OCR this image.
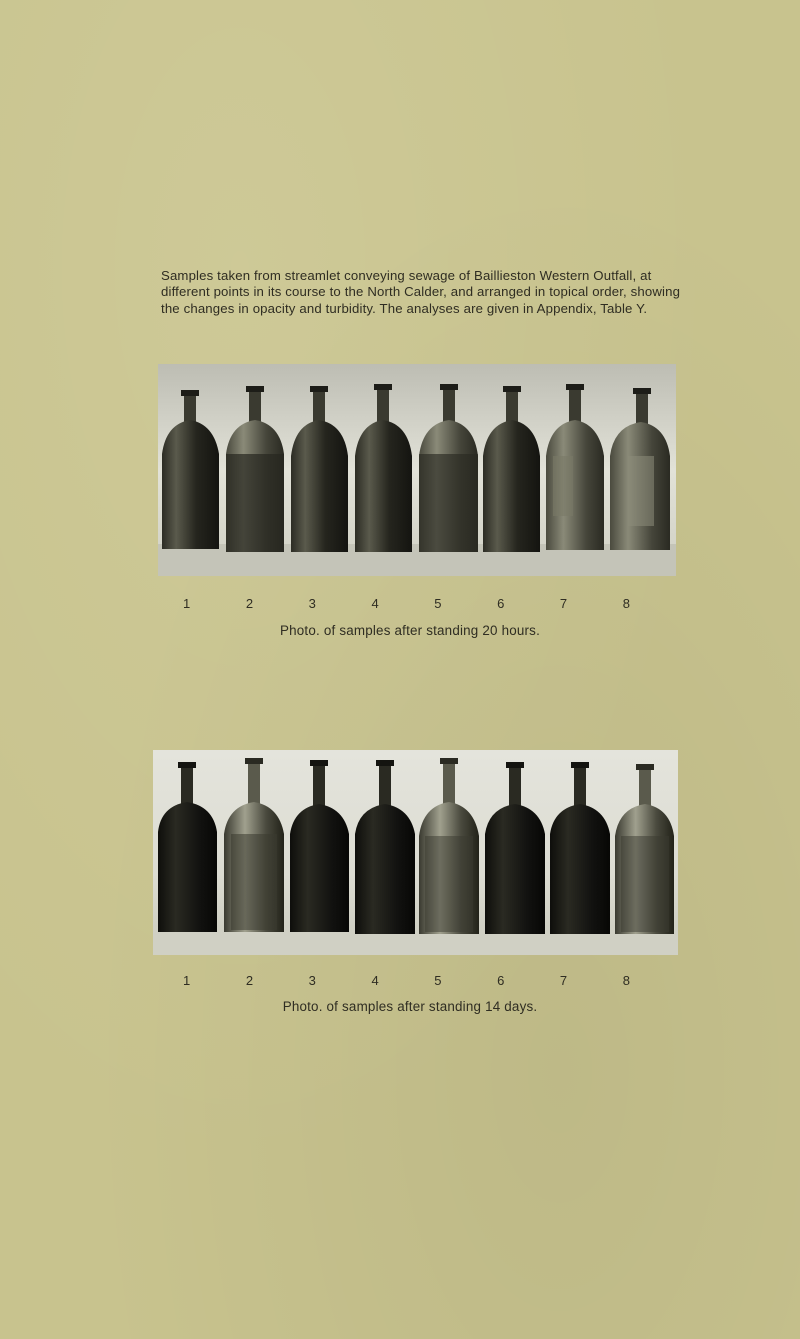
Samples taken from streamlet conveying sewage of Baillieston Western Outfall, at different points in its course to the North Calder, and arranged in topical order, showing the changes in opacity and turbidity. The analyses are given in Appendix, Table Y.

1	2	3	4	5	6	7	8
Photo. of samples after standing 20 hours.
1	2	3	4	5	6	7	8
Photo. of samples after standing 14 days.
